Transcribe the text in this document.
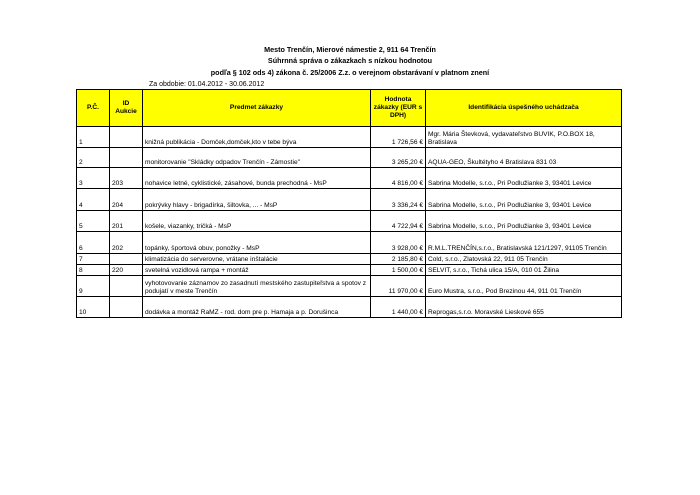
Mesto Trenčín, Mierové námestie 2, 911 64 Trenčín
Súhrnná správa o zákazkach s nízkou hodnotou
podľa § 102 ods 4) zákona č. 25/2006 Z.z. o verejnom obstarávaní v platnom znení
Za obdobie: 01.04.2012 - 30.06.2012
P.Č.	ID Aukcie	Predmet zákazky	Hodnota zákazky (EUR s DPH)	Identifikácia úspešného uchádzača
1		knižná publikácia - Domček,domček,kto v tebe býva	1 726,56 €	Mgr. Mária Števková, vydavateľstvo BUVIK, P.O.BOX 18, Bratislava
2		monitorovanie "Skládky odpadov Trenčín - Zámostie"	3 265,20 €	AQUA-GEO, Škultétyho 4 Bratislava 831 03
3	203	nohavice letné, cyklistické, zásahové, bunda prechodná - MsP	4 816,00 €	Sabrina Modelle, s.r.o., Pri Podlužianke 3, 93401 Levice
4	204	pokrývky hlavy - brigadírka, šiltovka, ... - MsP	3 336,24 €	Sabrina Modelle, s.r.o., Pri Podlužianke 3, 93401 Levice
5	201	košele, viazanky, tričká - MsP	4 722,94 €	Sabrina Modelle, s.r.o., Pri Podlužianke 3, 93401 Levice
6	202	topánky, športová obuv, ponožky - MsP	3 928,00 €	R.M.L.TRENČÍN,s.r.o., Bratislavská 121/1297, 91105 Trenčín
7		klimatizácia do serverovne, vrátane inštalácie	2 185,80 €	Cold, s.r.o., Zlatovská 22, 911 05 Trenčín
8	220	svetelná vozidlová rampa + montáž	1 500,00 €	SELVIT, s.r.o., Tichá ulica 15/A, 010 01 Žilina
9		vyhotovovanie záznamov zo zasadnutí mestského zastupiteľstva a spotov z podujatí v meste Trenčín	11 970,00 €	Euro Mustra, s.r.o., Pod Brezinou 44, 911 01 Trenčín
10		dodávka a montáž RaMZ - rod. dom pre p. Hamaja a p. Dorušinca	1 440,00 €	Reprogas,s.r.o. Moravské Lieskové 655
